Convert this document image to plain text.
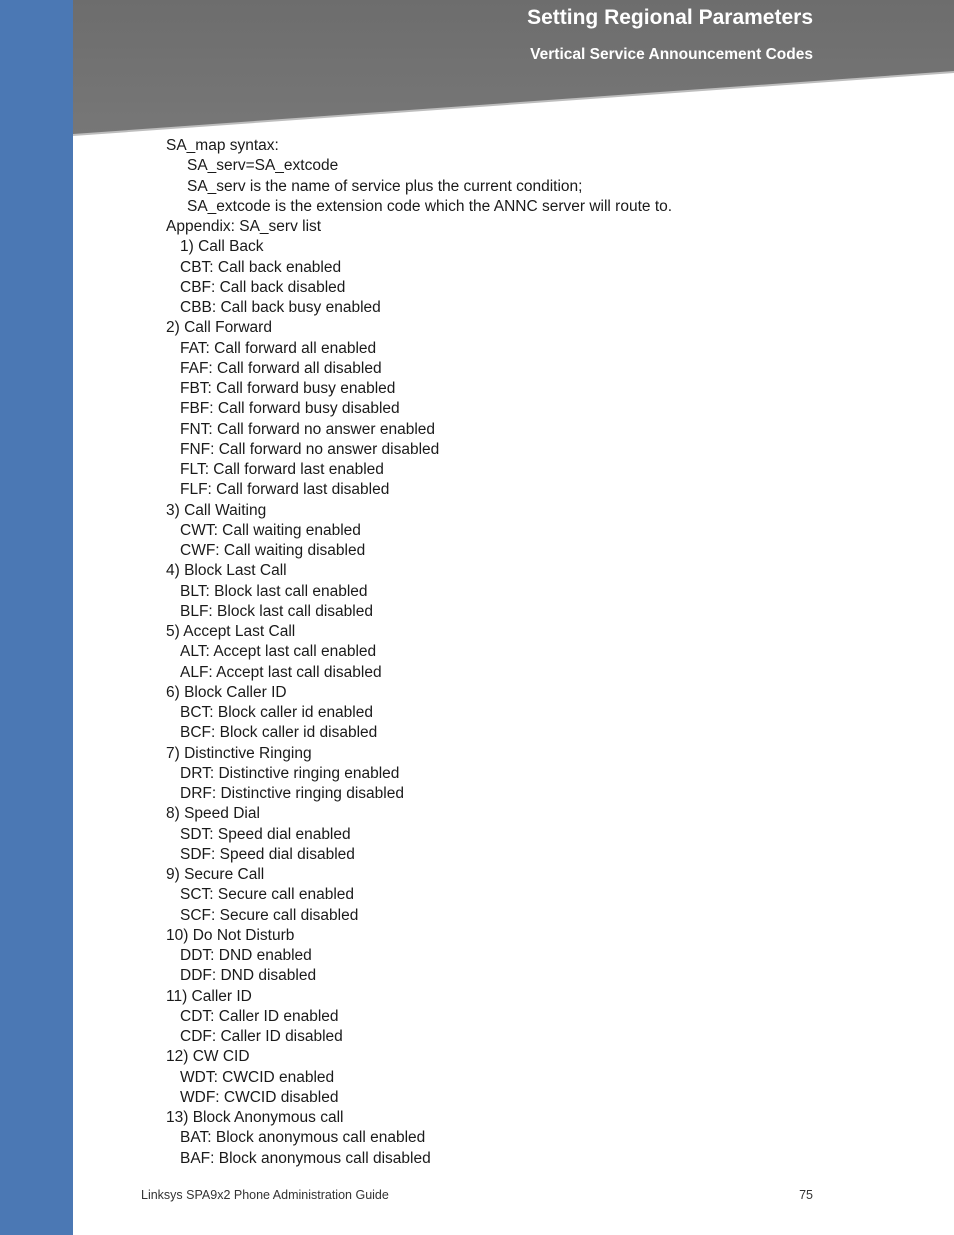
Setting Regional Parameters
Vertical Service Announcement Codes
SA_map syntax:
SA_serv=SA_extcode
SA_serv is the name of service plus the current condition;
SA_extcode is the extension code which the ANNC server will route to.
Appendix: SA_serv list
1) Call Back
CBT: Call back enabled
CBF: Call back disabled
CBB: Call back busy enabled
2) Call Forward
FAT: Call forward all enabled
FAF: Call forward all disabled
FBT: Call forward busy enabled
FBF: Call forward busy disabled
FNT: Call forward no answer enabled
FNF: Call forward no answer disabled
FLT: Call forward last enabled
FLF: Call forward last disabled
3) Call Waiting
CWT: Call waiting enabled
CWF: Call waiting disabled
4) Block Last Call
BLT: Block last call enabled
BLF: Block last call disabled
5) Accept Last Call
ALT: Accept last call enabled
ALF: Accept last call disabled
6) Block Caller ID
BCT: Block caller id enabled
BCF: Block caller id disabled
7) Distinctive Ringing
DRT: Distinctive ringing enabled
DRF: Distinctive ringing disabled
8) Speed Dial
SDT: Speed dial enabled
SDF: Speed dial disabled
9) Secure Call
SCT: Secure call enabled
SCF: Secure call disabled
10) Do Not Disturb
DDT: DND enabled
DDF: DND disabled
11) Caller ID
CDT: Caller ID enabled
CDF: Caller ID disabled
12) CW CID
WDT: CWCID enabled
WDF: CWCID disabled
13) Block Anonymous call
BAT: Block anonymous call enabled
BAF: Block anonymous call disabled
Linksys SPA9x2 Phone Administration Guide	75
